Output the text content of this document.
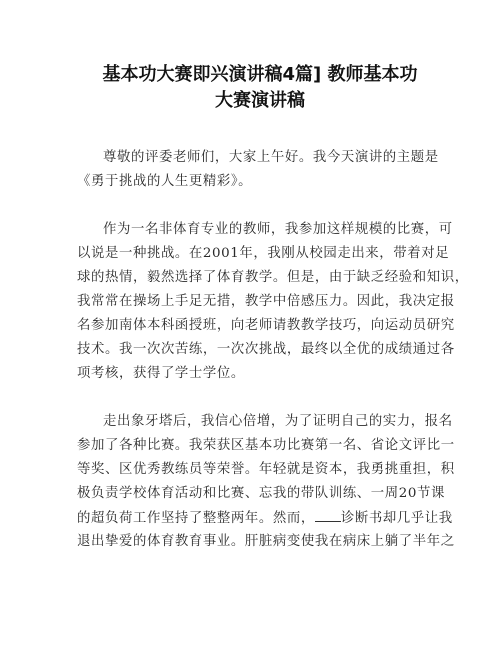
基本功大赛即兴演讲稿4篇] 教师基本功
大赛演讲稿
尊敬的评委老师们，大家上午好。我今天演讲的主题是
《勇于挑战的人生更精彩》。
作为一名非体育专业的教师，我参加这样规模的比赛，可
以说是一种挑战。在2001年，我刚从校园走出来，带着对足
球的热情，毅然选择了体育教学。但是，由于缺乏经验和知识，
我常常在操场上手足无措，教学中倍感压力。因此，我决定报
名参加南体本科函授班，向老师请教教学技巧，向运动员研究
技术。我一次次苦练，一次次挑战，最终以全优的成绩通过各
项考核，获得了学士学位。
走出象牙塔后，我信心倍增，为了证明自己的实力，报名
参加了各种比赛。我荣获区基本功比赛第一名、省论文评比一
等奖、区优秀教练员等荣誉。年轻就是资本，我勇挑重担，积
极负责学校体育活动和比赛、忘我的带队训练、一周20节课
的超负荷工作坚持了整整两年。然而， 诊断书却几乎让我
退出挚爱的体育教育事业。肝脏病变使我在病床上躺了半年之
